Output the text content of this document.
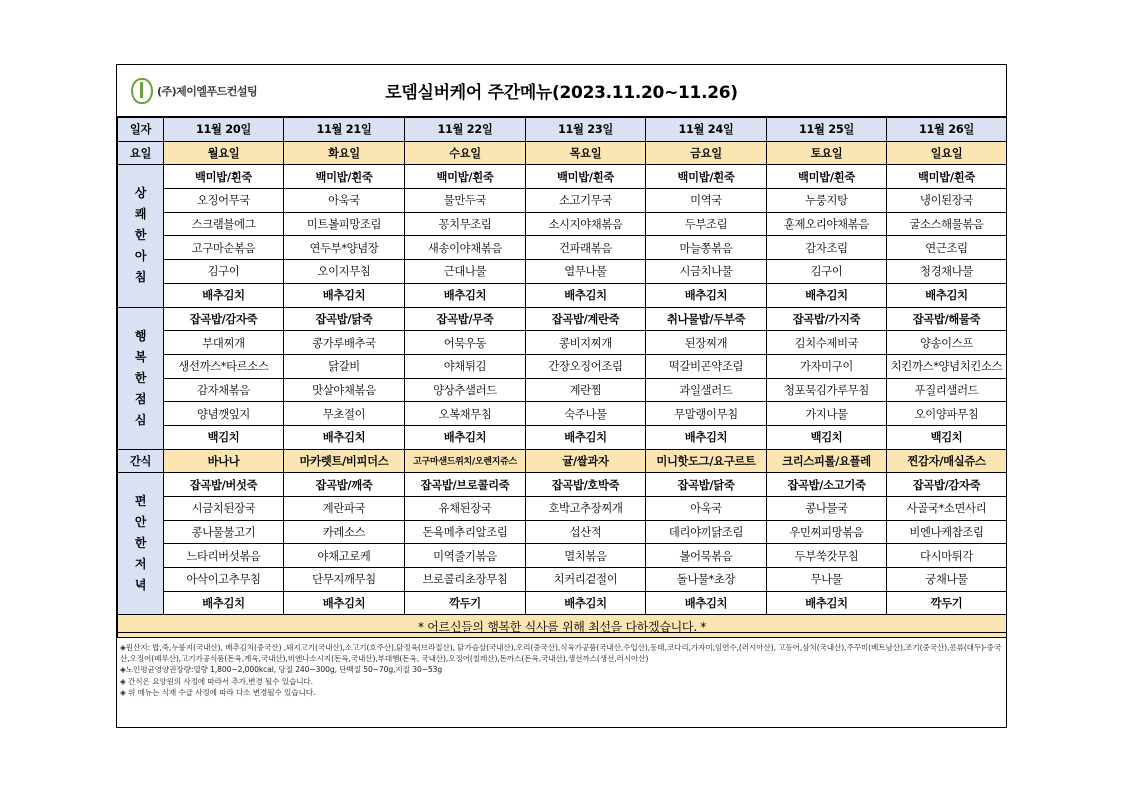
(주)제이엘푸드컨설팅	로뎀실버케어 주간메뉴(2023.11.20~11.26)
일자	11월 20일	11월 21일	11월 22일	11월 23일	11월 24일	11월 25일	11월 26일
요일	월요일	화요일	수요일	목요일	금요일	토요일	일요일

상
쾌
한
아
침	백미밥/흰죽	백미밥/흰죽	백미밥/흰죽	백미밥/흰죽	백미밥/흰죽	백미밥/흰죽	백미밥/흰죽
	오징어무국	아욱국	물만두국	소고기무국	미역국	누룽지탕	냉이된장국
	스크램블에그	미트볼피망조림	꽁치무조림	소시지야채볶음	두부조림	훈제오리야채볶음	굴소스해물볶음
	고구마순볶음	연두부*양념장	새송이야채볶음	건파래볶음	마늘쫑볶음	감자조림	연근조림
	김구이	오이지무침	근대나물	열무나물	시금치나물	김구이	청경채나물
	배추김치	배추김치	배추김치	배추김치	배추김치	배추김치	배추김치

행
복
한
점
심	잡곡밥/감자죽	잡곡밥/닭죽	잡곡밥/무죽	잡곡밥/계란죽	취나물밥/두부죽	잡곡밥/가지죽	잡곡밥/해물죽
	부대찌개	콩가루배추국	어묵우동	콩비지찌개	된장찌개	김치수제비국	양송이스프
	생선까스*타르소스	닭갈비	야채튀김	간장오징어조림	떡갈비곤약조림	가자미구이	치킨까스*양념치킨소스
	감자채볶음	맛살야채볶음	양상추샐러드	계란찜	과일샐러드	청포묵김가루무침	푸질리샐러드
	양념깻잎지	무초절이	오복채무침	숙주나물	무말랭이무침	가지나물	오이양파무침
	백김치	배추김치	배추김치	배추김치	배추김치	백김치	백김치
간식	바나나	마카렛트/비피더스	고구마샌드위치/오렌지쥬스	귤/쌀과자	미니핫도그/요구르트	크리스피롤/요플레	찐감자/매실쥬스

편
안
한
저
녁	잡곡밥/버섯죽	잡곡밥/깨죽	잡곡밥/브로콜리죽	잡곡밥/호박죽	잡곡밥/닭죽	잡곡밥/소고기죽	잡곡밥/감자죽
	시금치된장국	계란파국	유채된장국	호박고추장찌개	아욱국	콩나물국	사골국*소면사리
	콩나물불고기	카레소스	돈육메추리알조림	섭산적	데리야끼닭조림	우민찌피망볶음	비엔나케찹조림
	느타리버섯볶음	야채고로케	미역줄기볶음	멸치볶음	볼어묵볶음	두부쑥갓무침	다시마튀각
	아삭이고추무침	단무지깨무침	브로콜리초장무침	치커리겉절이	돌나물*초장	무나물	궁채나물
	배추김치	배추김치	깍두기	배추김치	배추김치	배추김치	깍두기
* 어르신들의 행복한 식사를 위해 최선을 다하겠습니다. *							

◈원산지: 밥,죽,누룽지(국내산), 배추김치(중국산) ,돼지고기(국내산),소고기(호주산),닭정육(브라질산), 닭가슴살(국내산),오리(중국산),식육가공품(국내산,수입산),동태,코다리,가자미,임연수,(러시아산), 고등어,삼치(국내산),주꾸미(베트남산),조기(중국산),콩류(대두)-중국산,오징어(페루산),고기가공식품(돈육,계육,국내산),비엔나소시지(돈육,국내산),부대햄(돈육, 국내산),오징어(칠레산),돈까스(돈육,국내산),생선까스(생선,러시아산)

◈노인평균영양권장량:열량 1,800~2,000kcal, 당질 240~300g, 단백질 50~70g,지질 30~53g

◈ 간식은 요양원의 사정에 따라서 추가,변경 될수 있습니다.

◈ 위 메뉴는 식재 수급 사정에 따라 다소 변경될수 있습니다.
